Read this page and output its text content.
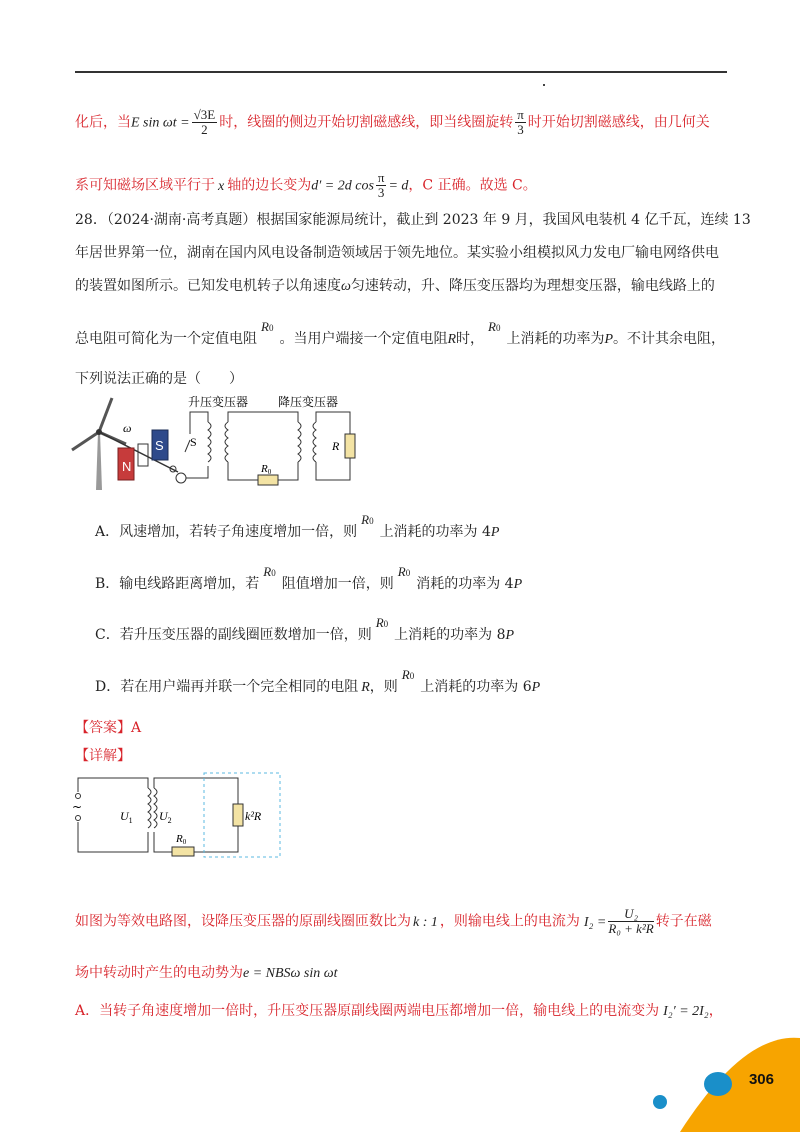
化后，当E $\sin \omega t = \frac{√3E}{2}$ 时，线圈的侧边开始切割磁感线，即当线圈旋转 $\frac{\pi}{3}$ 时开始切割磁感线，由几何关
系可知磁场区域平行于 x 轴的边长变为d′ = 2d $\cos \frac{\pi}{3} = d$，C 正确。故选 C。
28．（2024·湖南·高考真题）根据国家能源局统计，截止到 2023 年 9 月，我国风电装机 4 亿千瓦，连续 13
年居世界第一位，湖南在国内风电设备制造领域居于领先地位。某实验小组模拟风力发电厂输电网络供电
的装置如图所示。已知发电机转子以角速度ω匀速转动，升、降压变压器均为理想变压器，输电线路上的
总电阻可简化为一个定值电阻R0。当用户端接一个定值电阻R时，R0上消耗的功率为P。不计其余电阻，
下列说法正确的是（　　）
N
S
ω
S
升压变压器
R0
降压变压器
R
A．风速增加，若转子角速度增加一倍，则R0上消耗的功率为 4P
B．输电线路距离增加，若R0阻值增加一倍，则R0消耗的功率为 4P
C．若升压变压器的副线圈匝数增加一倍，则R0上消耗的功率为 8P
D．若在用户端再并联一个完全相同的电阻 R，则R0上消耗的功率为 6P
【答案】A
【详解】
~
$U_1$ $U_2$
R0
k²R
如图为等效电路图，设降压变压器的原副线圈匝数比为 k : 1 ，则输电线上的电流为 $I_2 = \frac{\text{U₂}}{\text{R₀ + k²R}}$ 转子在磁
场中转动时产生的电动势为e = NBSω sin ωt
A．当转子角速度增加一倍时，升压变压器原副线圈两端电压都增加一倍，输电线上的电流变为 I₂′ = 2I₂，
306
